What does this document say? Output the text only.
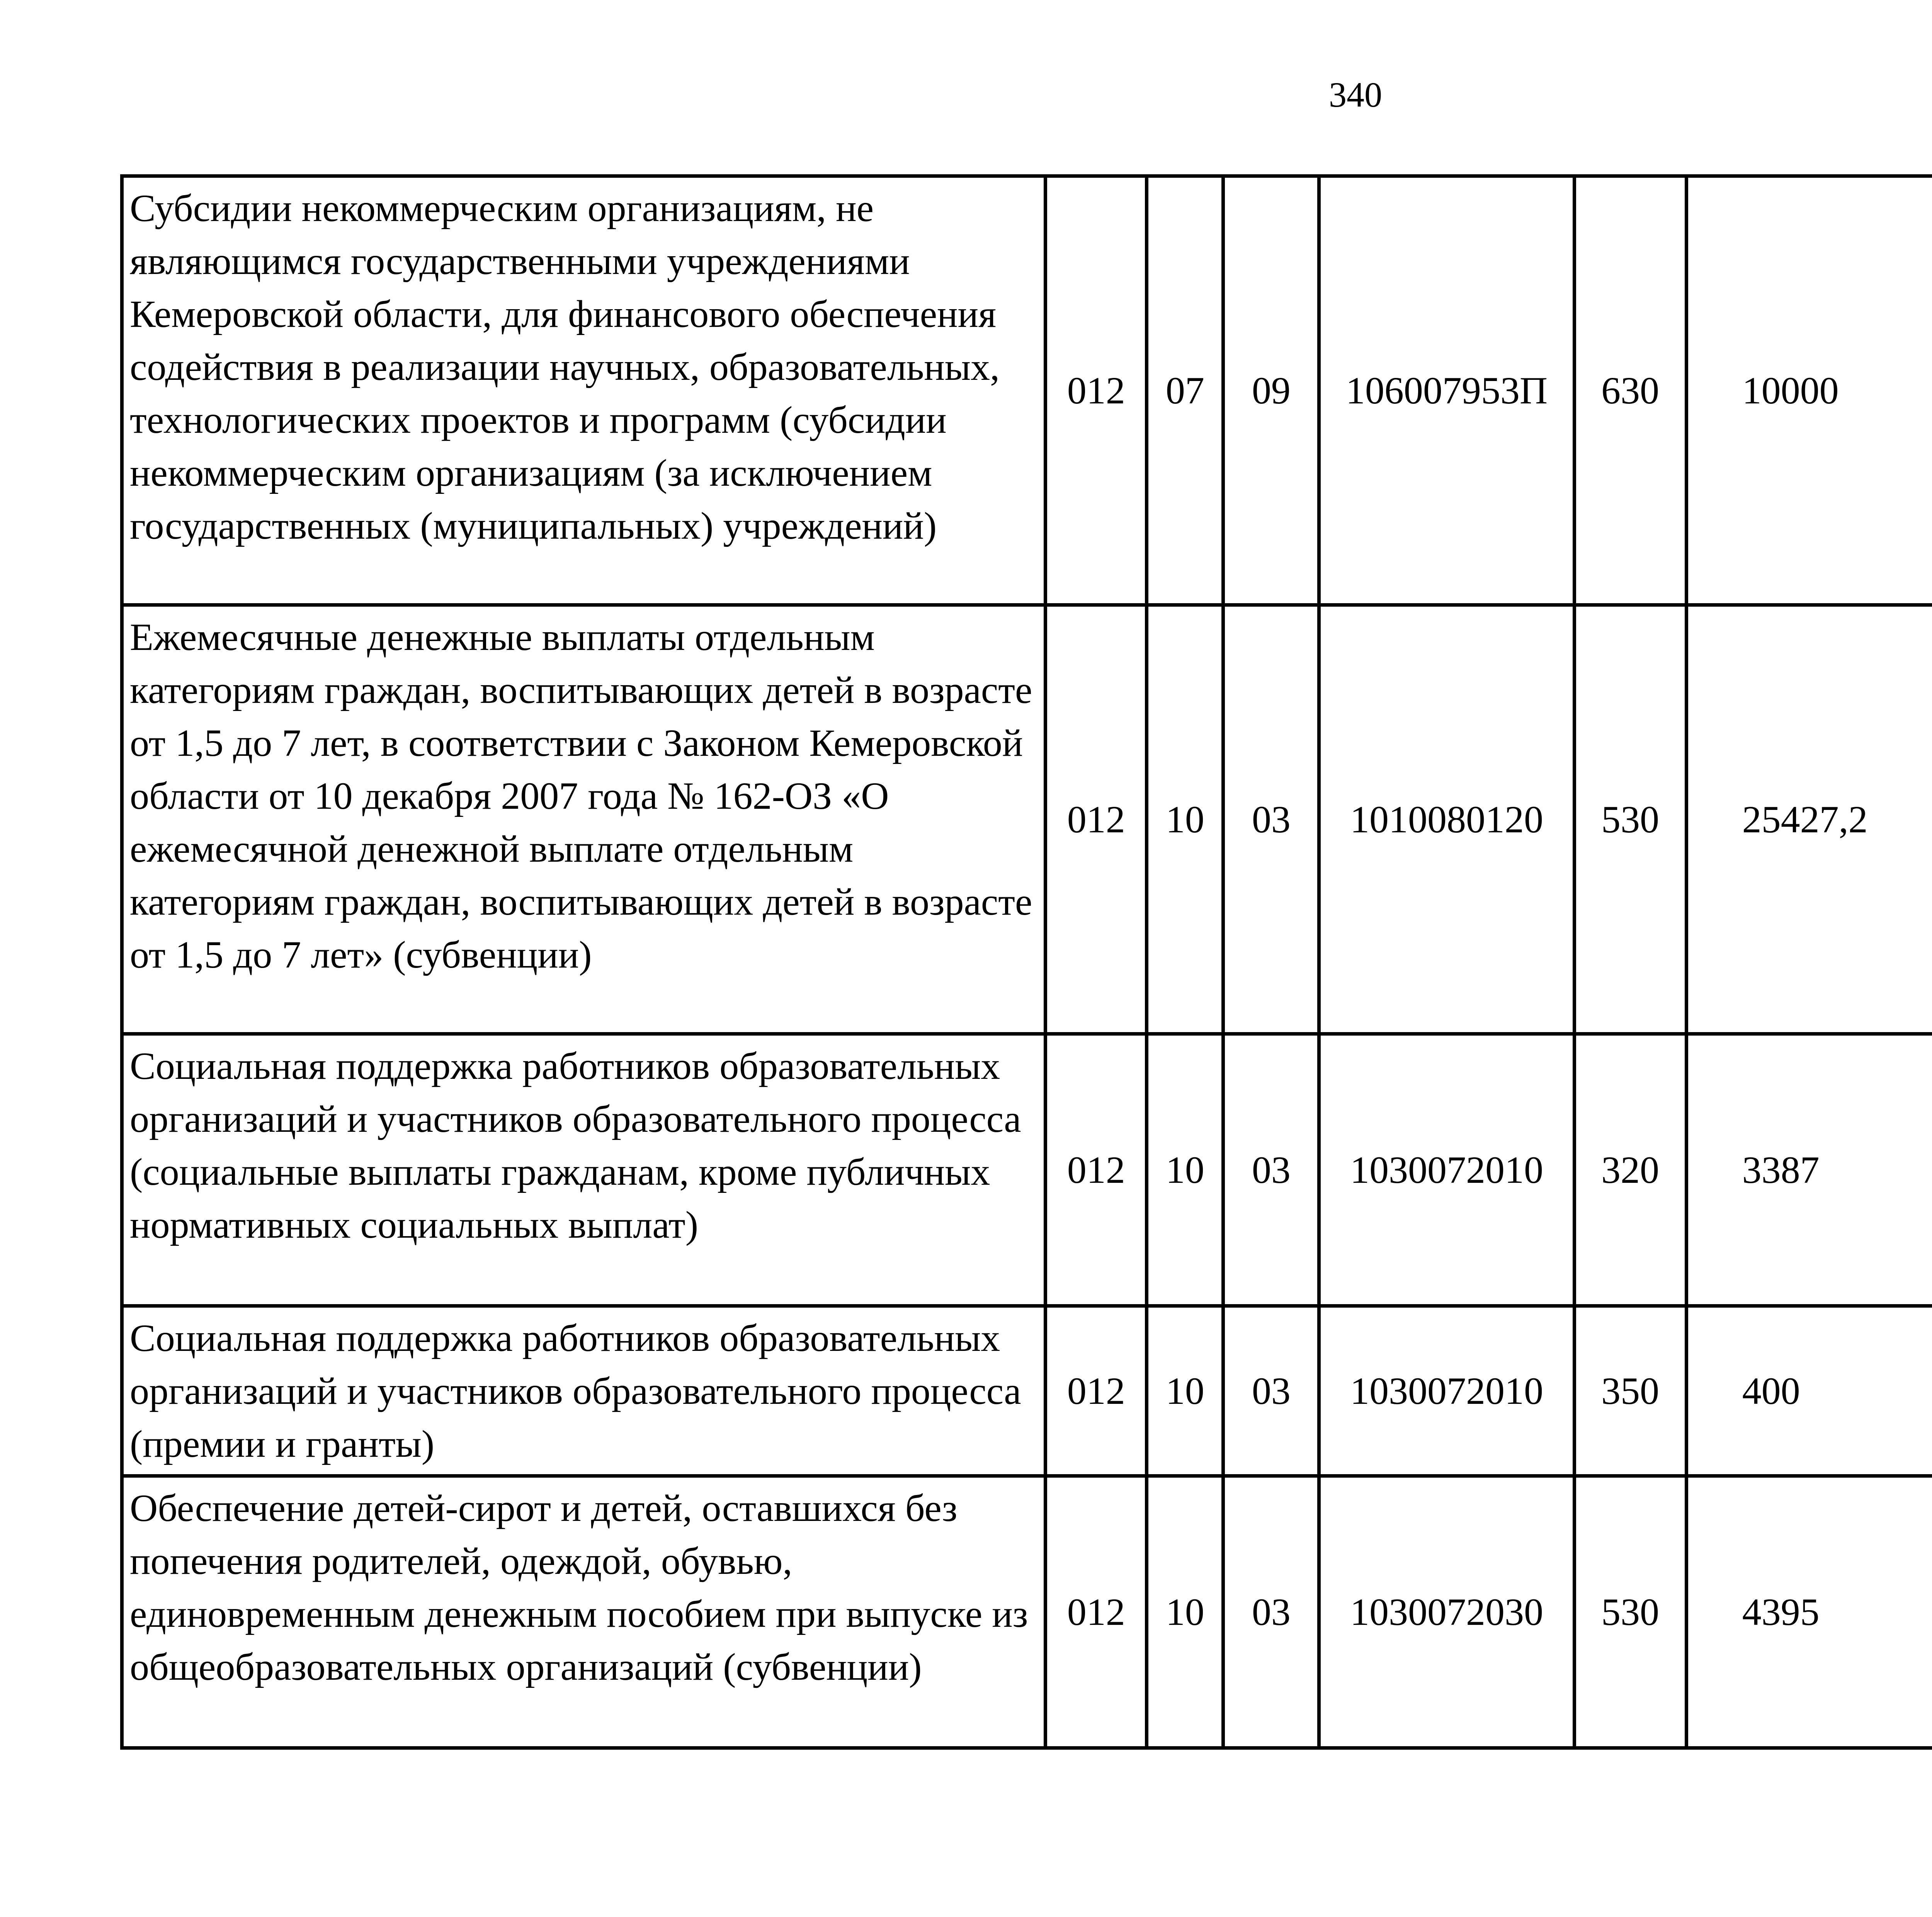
340
Субсидии некоммерческим организациям, не являющимся государственными учреждениями Кемеровской области, для финансового обеспечения содействия в реализации научных, образовательных, технологических проектов и программ (субсидии некоммерческим организациям (за исключением государственных (муниципальных) учреждений)	012	07	09	106007953П	630	10000		
Ежемесячные денежные выплаты отдельным категориям граждан, воспитывающих детей в возрасте от 1,5 до 7 лет, в соответствии с Законом Кемеровской области от 10 декабря 2007 года № 162-ОЗ «О ежемесячной денежной выплате отдельным категориям граждан, воспитывающих детей в возрасте от 1,5 до 7 лет» (субвенции)	012	10	03	1010080120	530	25427,2		
Социальная поддержка работников образовательных организаций и участников образовательного процесса (социальные выплаты гражданам, кроме публичных нормативных социальных выплат)	012	10	03	1030072010	320	3387		
Социальная поддержка работников образовательных организаций и участников образовательного процесса (премии и гранты)	012	10	03	1030072010	350	400		
Обеспечение детей-сирот и детей, оставшихся без попечения родителей, одеждой, обувью, единовременным денежным пособием при выпуске из общеобразовательных организаций (субвенции)	012	10	03	1030072030	530	4395		
